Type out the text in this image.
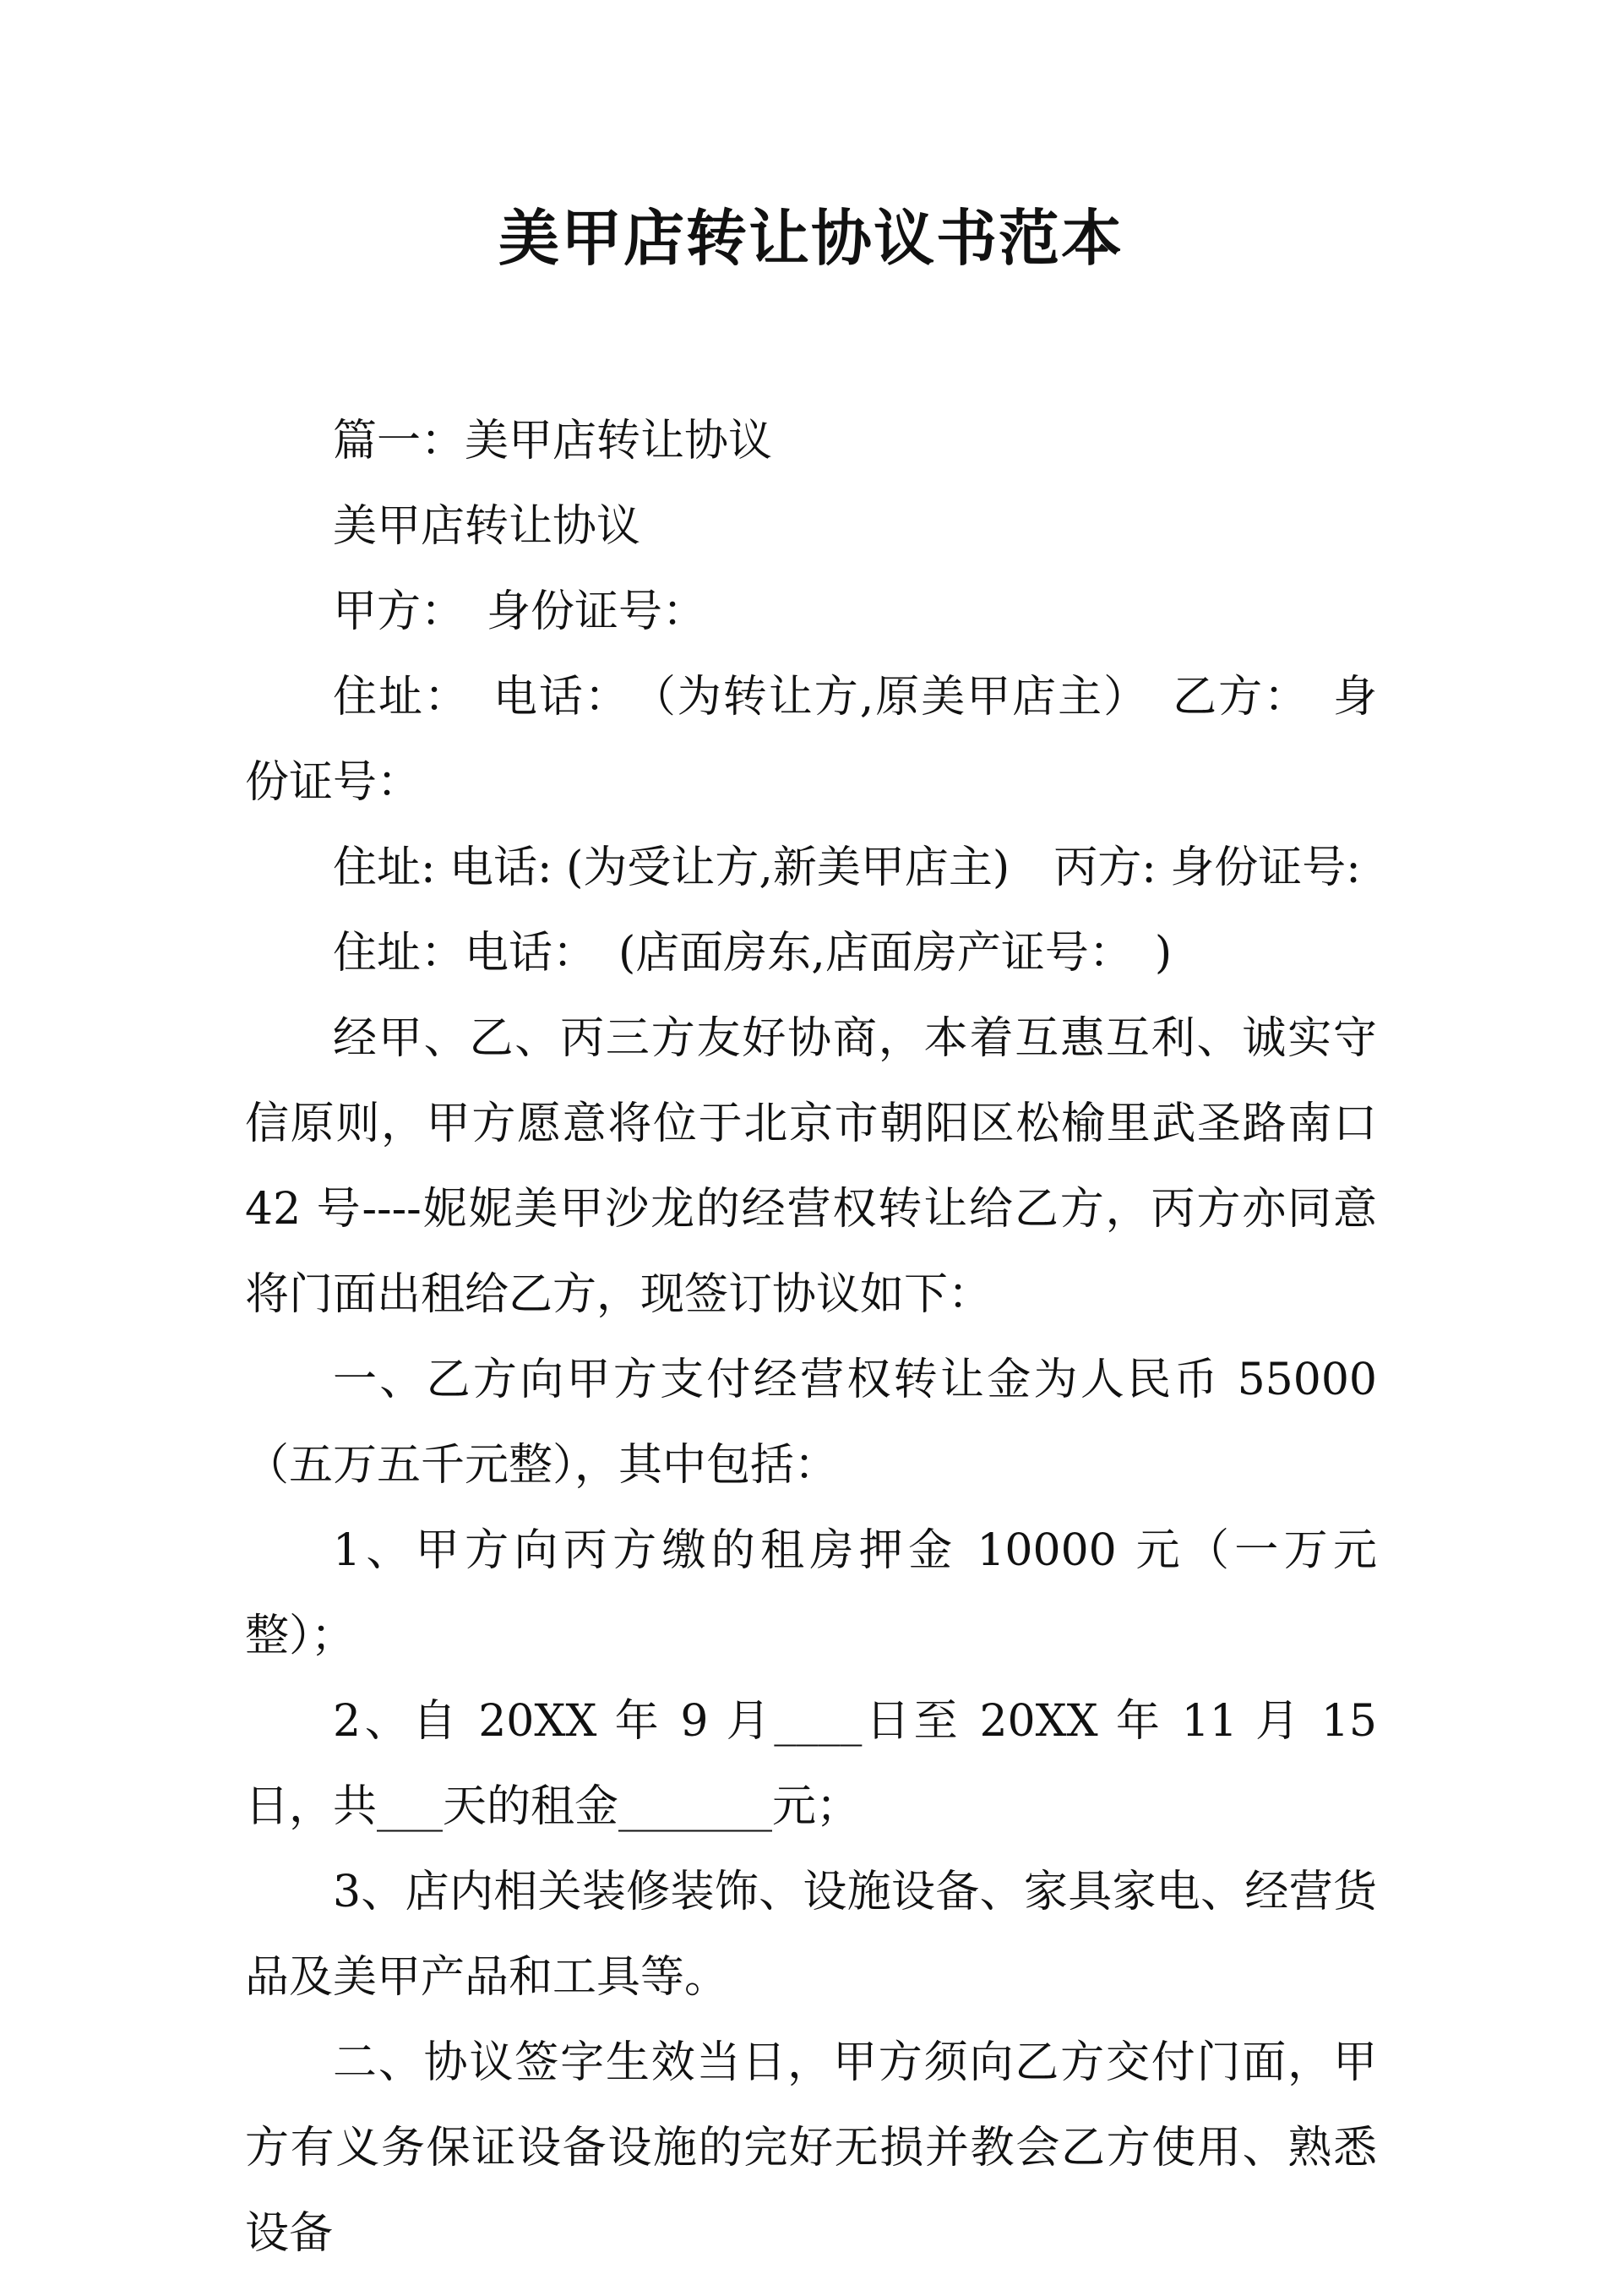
美甲店转让协议书范本

篇一：美甲店转让协议

美甲店转让协议

甲方：　身份证号：

住址：　电话：　（为转让方,原美甲店主）　乙方：　身份证号：

住址: 电话: (为受让方,新美甲店主)　丙方: 身份证号:

住址：电话：　(店面房东,店面房产证号：　)

经甲、乙、丙三方友好协商，本着互惠互利、诚实守信原则，甲方愿意将位于北京市朝阳区松榆里武圣路南口 42 号----妮妮美甲沙龙的经营权转让给乙方，丙方亦同意将门面出租给乙方，现签订协议如下：

一、乙方向甲方支付经营权转让金为人民币 55000（五万五千元整），其中包括：

1、甲方向丙方缴的租房押金 10000 元（一万元整）；

2、自 20XX 年 9 月____日至 20XX 年 11 月 15 日，共___天的租金_______元；

3、店内相关装修装饰、设施设备、家具家电、经营货品及美甲产品和工具等。

二、协议签字生效当日，甲方须向乙方交付门面，甲方有义务保证设备设施的完好无损并教会乙方使用、熟悉设备
